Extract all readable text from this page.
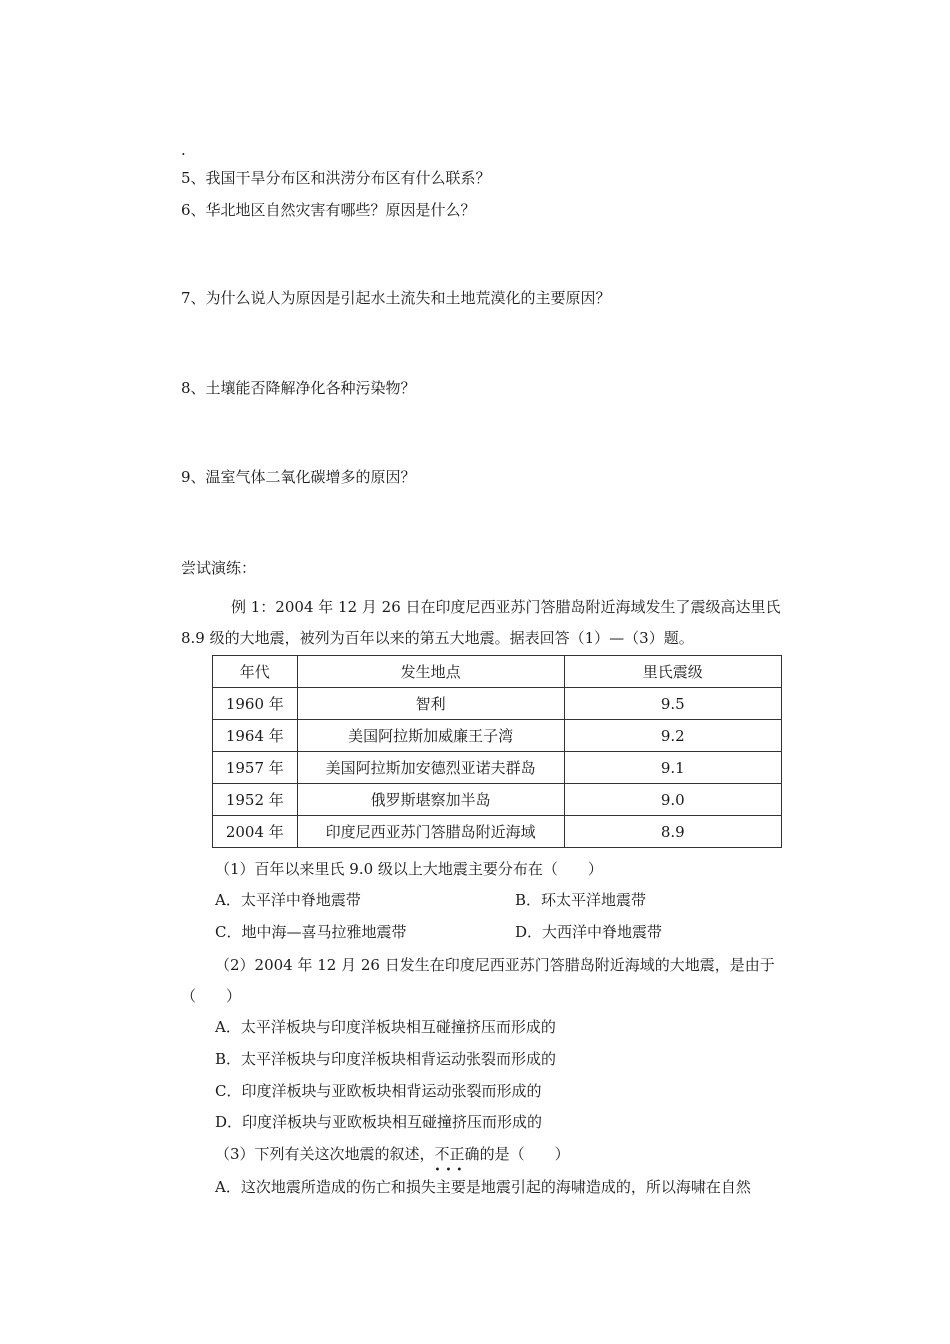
.
5、我国干旱分布区和洪涝分布区有什么联系？
6、华北地区自然灾害有哪些？原因是什么？
7、为什么说人为原因是引起水土流失和土地荒漠化的主要原因？
8、土壤能否降解净化各种污染物？
9、温室气体二氧化碳增多的原因？
尝试演练：
例 1：2004 年 12 月 26 日在印度尼西亚苏门答腊岛附近海域发生了震级高达里氏
8.9 级的大地震，被列为百年以来的第五大地震。据表回答（1）—（3）题。
年代	发生地点	里氏震级
1960 年	智利	9.5
1964 年	美国阿拉斯加威廉王子湾	9.2
1957 年	美国阿拉斯加安德烈亚诺夫群岛	9.1
1952 年	俄罗斯堪察加半岛	9.0
2004 年	印度尼西亚苏门答腊岛附近海域	8.9
（1）百年以来里氏 9.0 级以上大地震主要分布在（　　）
A．太平洋中脊地震带	B．环太平洋地震带
C．地中海—喜马拉雅地震带	D．大西洋中脊地震带
（2）2004 年 12 月 26 日发生在印度尼西亚苏门答腊岛附近海域的大地震，是由于
（　　）
A．太平洋板块与印度洋板块相互碰撞挤压而形成的
B．太平洋板块与印度洋板块相背运动张裂而形成的
C．印度洋板块与亚欧板块相背运动张裂而形成的
D．印度洋板块与亚欧板块相互碰撞挤压而形成的
（3）下列有关这次地震的叙述，不正确
•••
的是（　　）
A．这次地震所造成的伤亡和损失主要是地震引起的海啸造成的，所以海啸在自然
